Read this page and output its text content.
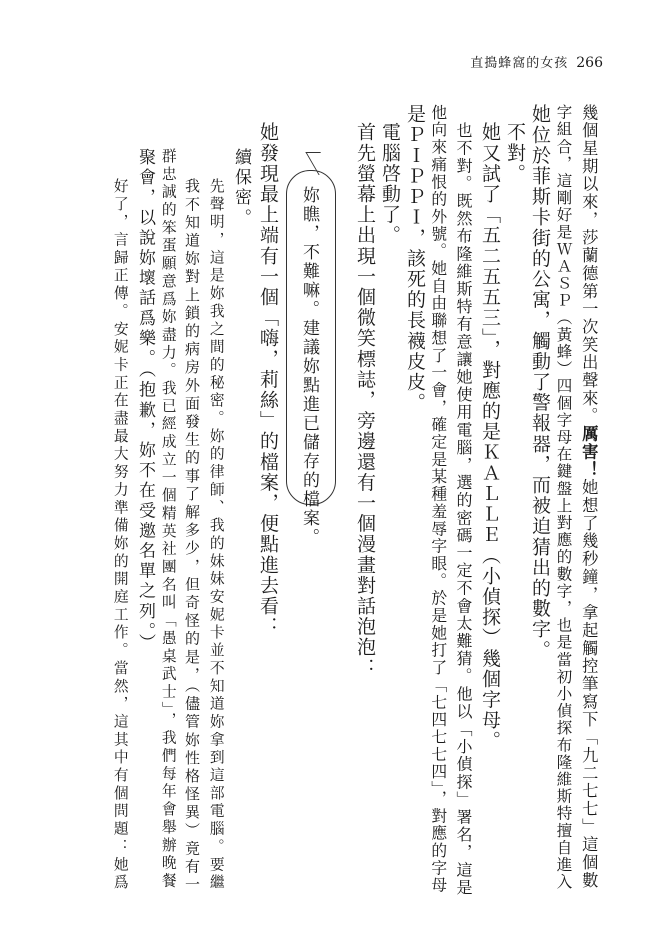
直搗蜂窩的女孩 266
幾個星期以來，莎蘭德第一次笑出聲來。厲害！她想了幾秒鐘，拿起觸控筆寫下「九二七七」這個數
字組合，這剛好是ＷＡＳＰ（黃蜂）四個字母在鍵盤上對應的數字，也是當初小偵探布隆維斯特擅自進入
她位於菲斯卡街的公寓，觸動了警報器，而被迫猜出的數字。
不對。
她又試了「五二五五三」，對應的是ＫＡＬＬＥ（小偵探）幾個字母。
也不對。既然布隆維斯特有意讓她使用電腦，選的密碼一定不會太難猜。他以「小偵探」署名，這是
他向來痛恨的外號。她自由聯想了一會，確定是某種羞辱字眼。於是她打了「七四七七四」，對應的字母
是ＰＩＰＰＩ，該死的長襪皮皮。
電腦啓動了。
首先螢幕上出現一個微笑標誌，旁邊還有一個漫畫對話泡泡：
妳瞧，不難嘛。建議妳點進已儲存的檔案。
她發現最上端有一個「嗨，莉絲」的檔案，便點進去看：
續保密。
先聲明，這是妳我之間的秘密。妳的律師、我的妹妹安妮卡並不知道妳拿到這部電腦。要繼
我不知道妳對上鎖的病房外面發生的事了解多少，但奇怪的是，（儘管妳性格怪異）竟有一
群忠誠的笨蛋願意爲妳盡力。我已經成立一個精英社團名叫「愚桌武士」，我們每年會舉辦晚餐
聚會，以說妳壞話爲樂。（抱歉，妳不在受邀名單之列。）
好了，言歸正傳。安妮卡正在盡最大努力準備妳的開庭工作。當然，這其中有個問題：她爲
